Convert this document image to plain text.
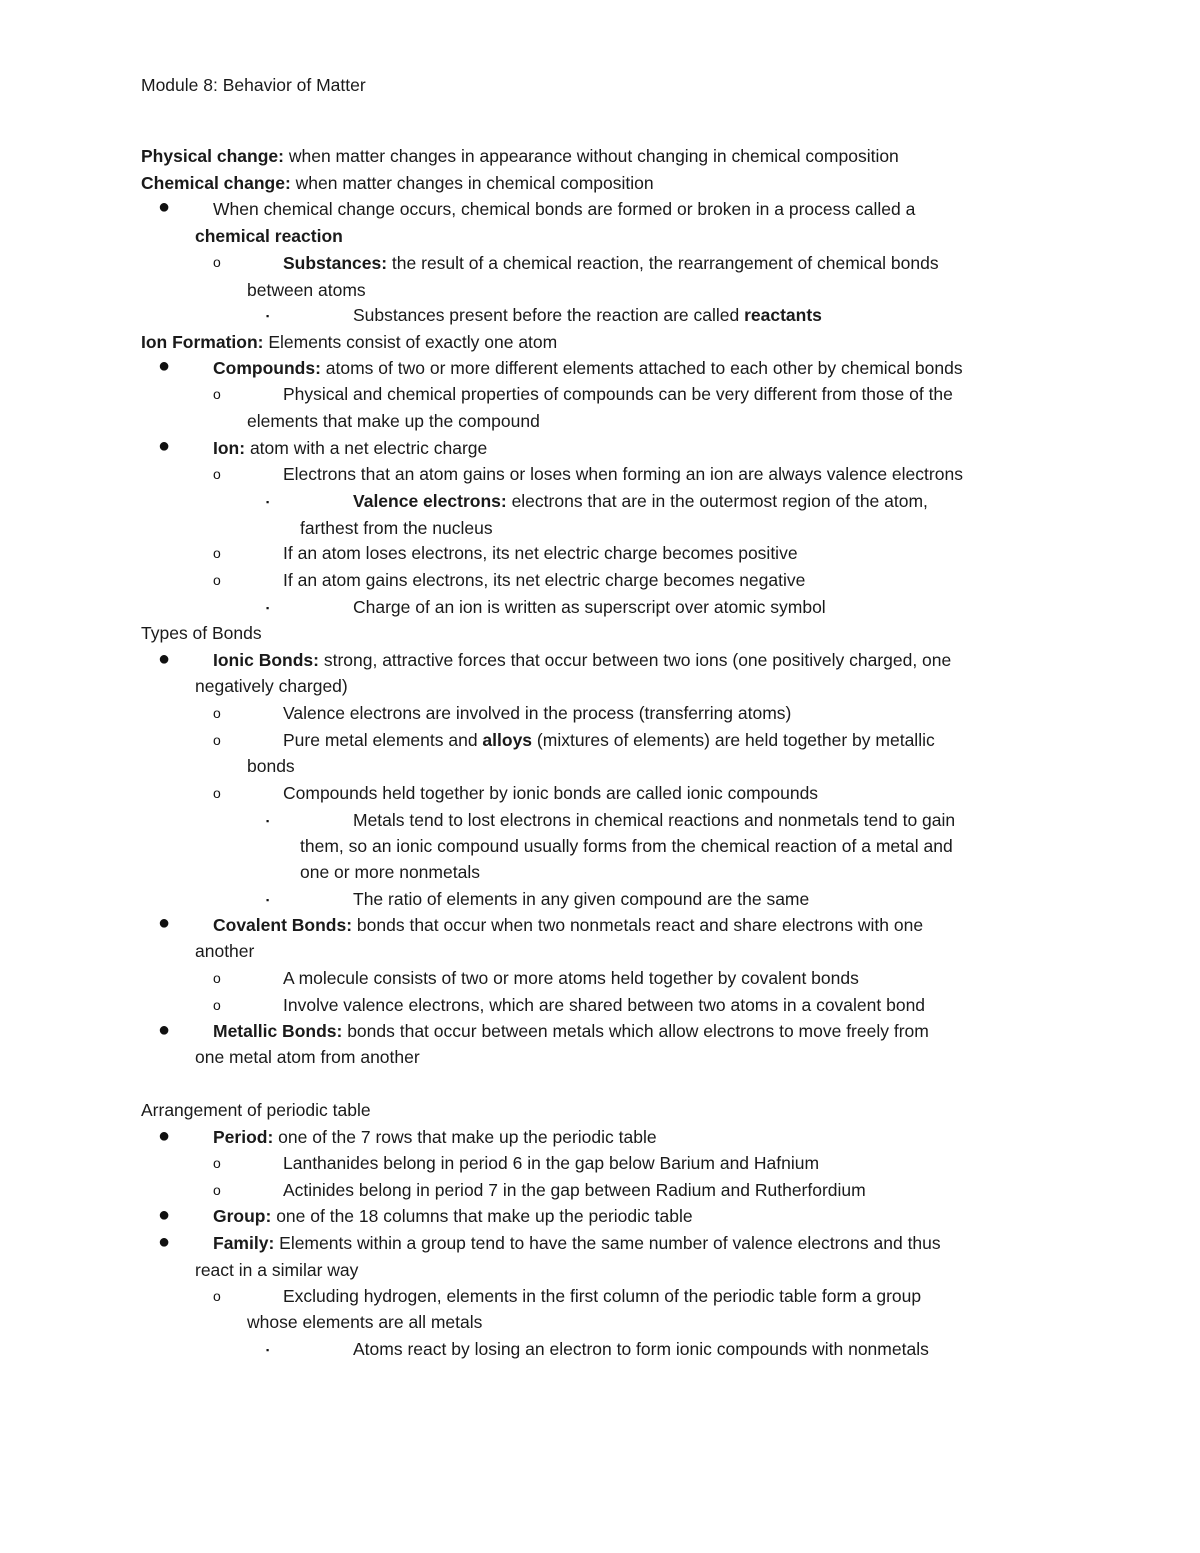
Module 8: Behavior of Matter
Physical change: when matter changes in appearance without changing in chemical composition
Chemical change: when matter changes in chemical composition
● When chemical change occurs, chemical bonds are formed or broken in a process called a
chemical reaction
o	Substances: the result of a chemical reaction, the rearrangement of chemical bonds
between atoms
▪	Substances present before the reaction are called reactants
Ion Formation: Elements consist of exactly one atom
● Compounds: atoms of two or more different elements attached to each other by chemical bonds
o	Physical and chemical properties of compounds can be very different from those of the
elements that make up the compound
● Ion: atom with a net electric charge
o	Electrons that an atom gains or loses when forming an ion are always valence electrons
▪	Valence electrons: electrons that are in the outermost region of the atom,
farthest from the nucleus
o	If an atom loses electrons, its net electric charge becomes positive
o	If an atom gains electrons, its net electric charge becomes negative
▪	Charge of an ion is written as superscript over atomic symbol
Types of Bonds
● Ionic Bonds: strong, attractive forces that occur between two ions (one positively charged, one
negatively charged)
o	Valence electrons are involved in the process (transferring atoms)
o	Pure metal elements and alloys (mixtures of elements) are held together by metallic
bonds
o	Compounds held together by ionic bonds are called ionic compounds
▪	Metals tend to lost electrons in chemical reactions and nonmetals tend to gain
them, so an ionic compound usually forms from the chemical reaction of a metal and
one or more nonmetals
▪	The ratio of elements in any given compound are the same
● Covalent Bonds: bonds that occur when two nonmetals react and share electrons with one
another
o	A molecule consists of two or more atoms held together by covalent bonds
o	Involve valence electrons, which are shared between two atoms in a covalent bond
● Metallic Bonds: bonds that occur between metals which allow electrons to move freely from
one metal atom from another
Arrangement of periodic table
● Period: one of the 7 rows that make up the periodic table
o	Lanthanides belong in period 6 in the gap below Barium and Hafnium
o	Actinides belong in period 7 in the gap between Radium and Rutherfordium
● Group: one of the 18 columns that make up the periodic table
● Family: Elements within a group tend to have the same number of valence electrons and thus
react in a similar way
o	Excluding hydrogen, elements in the first column of the periodic table form a group
whose elements are all metals
▪	Atoms react by losing an electron to form ionic compounds with nonmetals
